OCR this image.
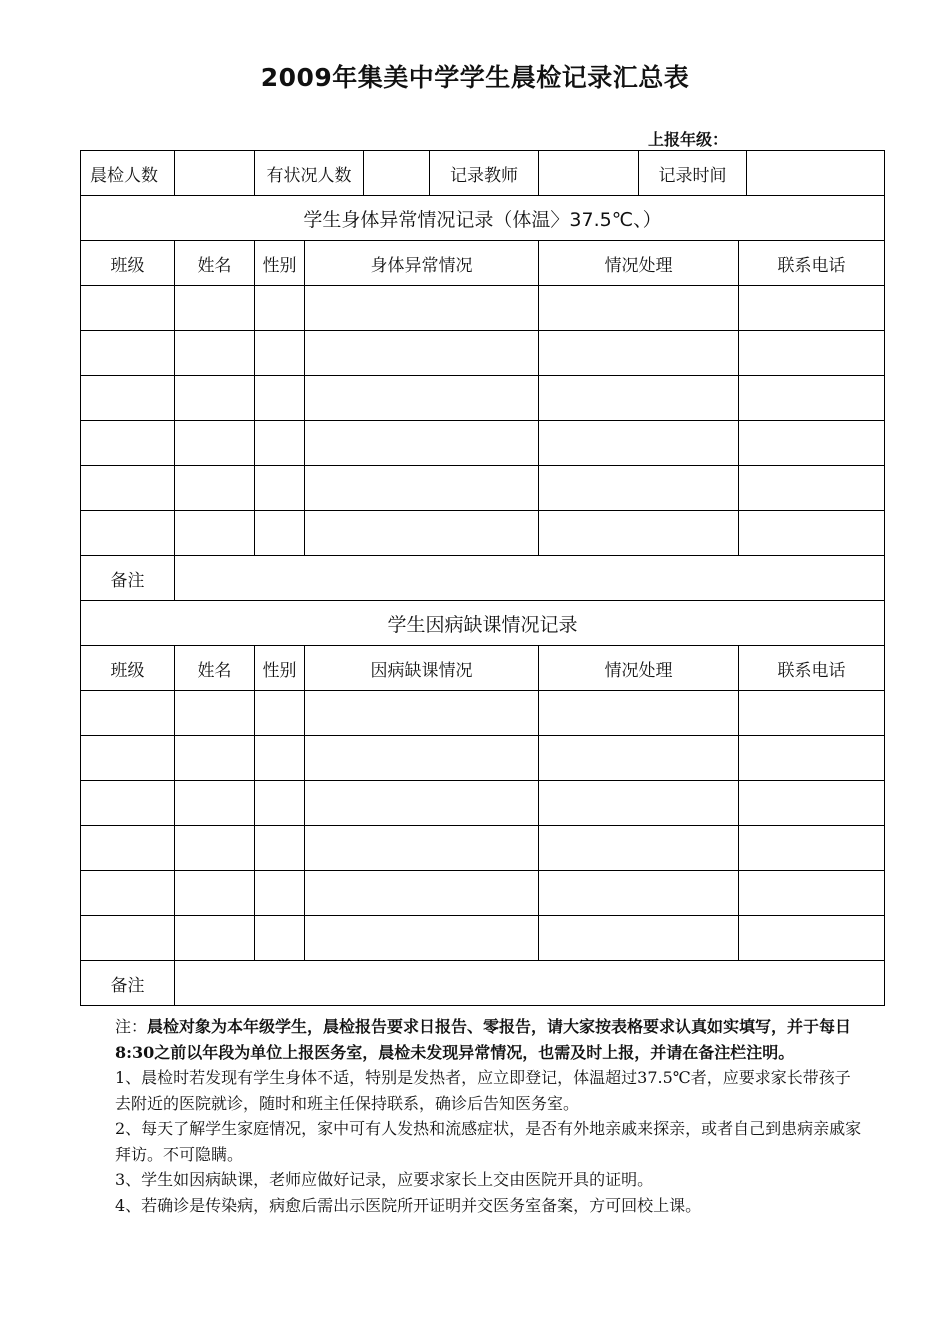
2009年集美中学学生晨检记录汇总表
上报年级：
晨检人数		有状况人数			记录教师		记录时间		
学生身体异常情况记录（体温〉37.5℃、）									
班级	姓名	性别	身体异常情况			情况处理		联系电话	

备注									
学生因病缺课情况记录									
班级	姓名	性别	因病缺课情况			情况处理		联系电话	

备注									

注：晨检对象为本年级学生，晨检报告要求日报告、零报告，请大家按表格要求认真如实填写，并于每日8:30之前以年段为单位上报医务室，晨检未发现异常情况，也需及时上报，并请在备注栏注明。

1、晨检时若发现有学生身体不适，特别是发热者，应立即登记，体温超过37.5℃者，应要求家长带孩子去附近的医院就诊，随时和班主任保持联系，确诊后告知医务室。

2、每天了解学生家庭情况，家中可有人发热和流感症状，是否有外地亲戚来探亲，或者自己到患病亲戚家拜访。不可隐瞒。

3、学生如因病缺课，老师应做好记录，应要求家长上交由医院开具的证明。

4、若确诊是传染病，病愈后需出示医院所开证明并交医务室备案，方可回校上课。
